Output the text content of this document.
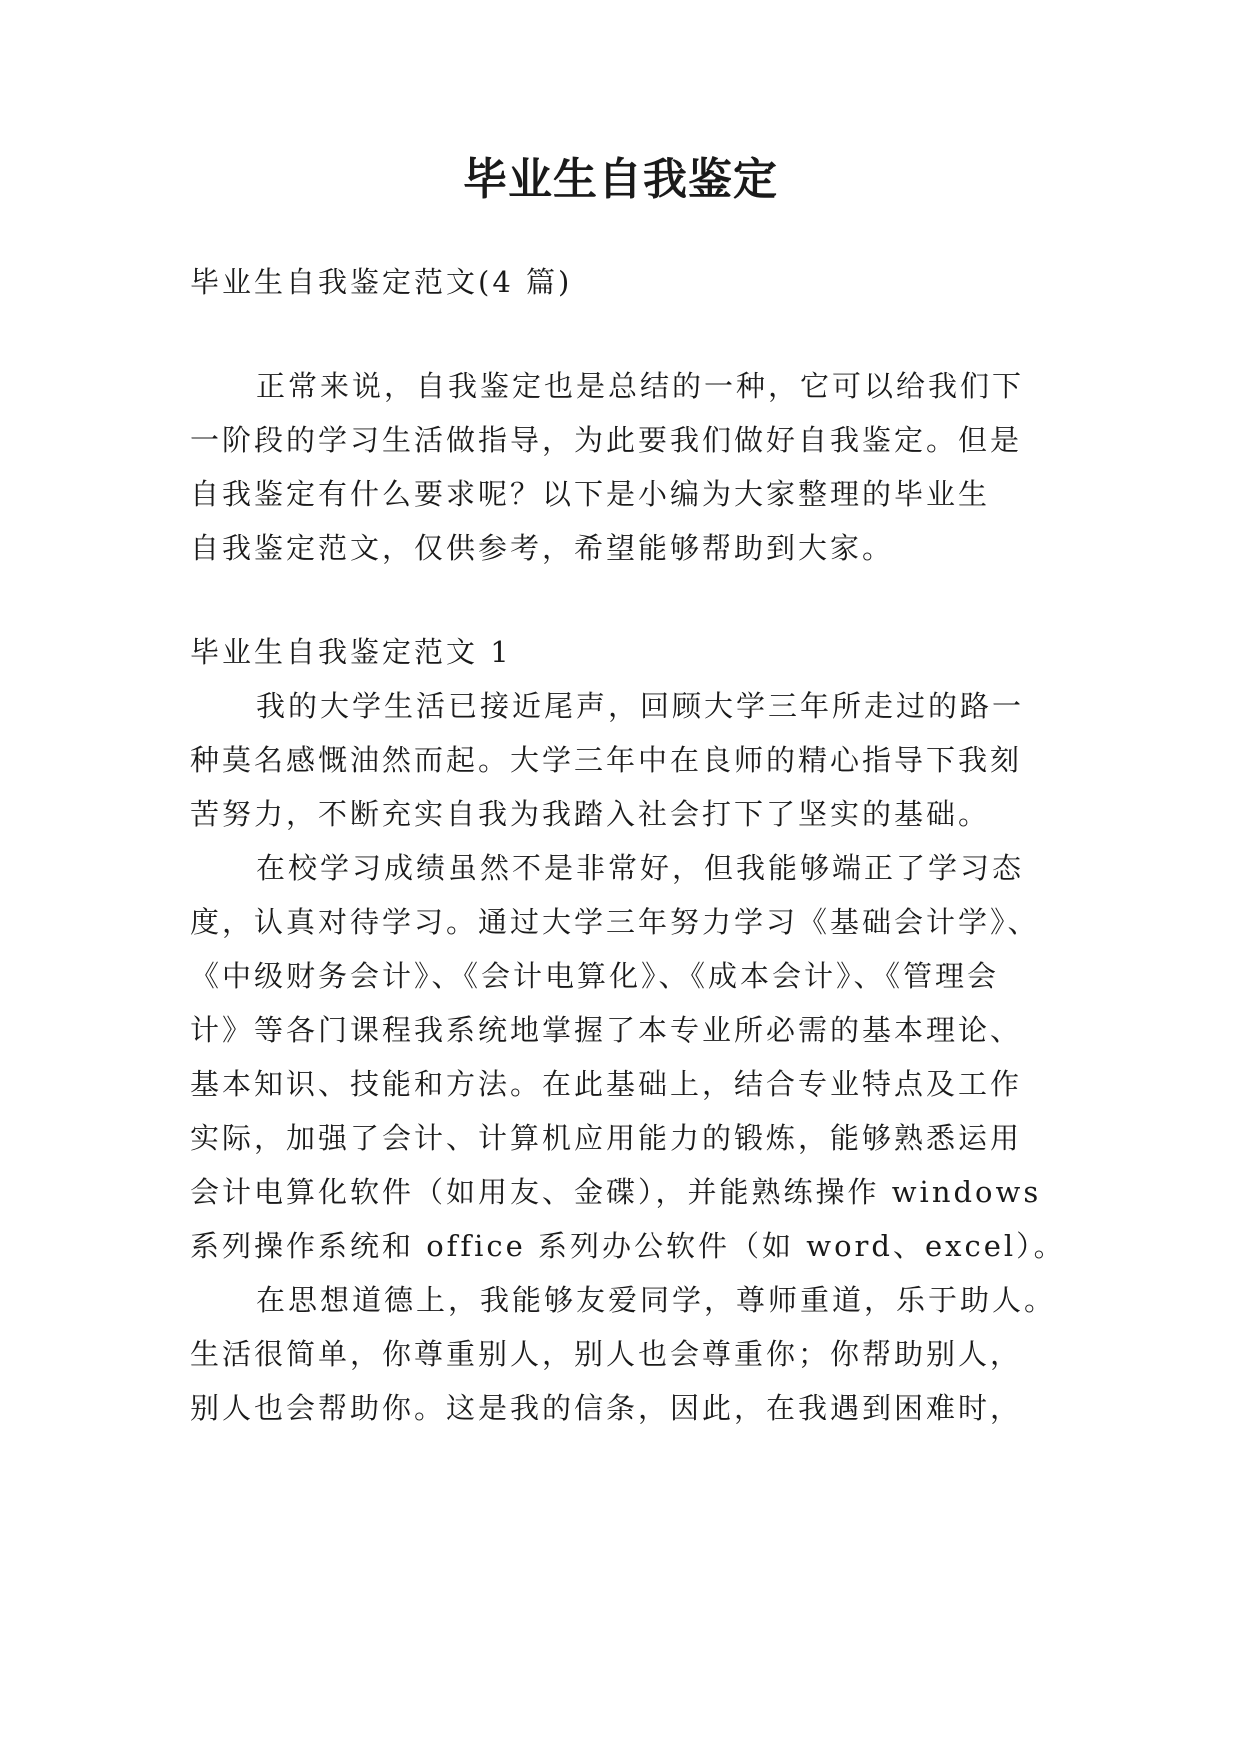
毕业生自我鉴定
毕业生自我鉴定范文(4 篇)
正常来说，自我鉴定也是总结的一种，它可以给我们下
一阶段的学习生活做指导，为此要我们做好自我鉴定。但是
自我鉴定有什么要求呢？以下是小编为大家整理的毕业生
自我鉴定范文，仅供参考，希望能够帮助到大家。
毕业生自我鉴定范文 1
我的大学生活已接近尾声，回顾大学三年所走过的路一
种莫名感慨油然而起。大学三年中在良师的精心指导下我刻
苦努力，不断充实自我为我踏入社会打下了坚实的基础。
在校学习成绩虽然不是非常好，但我能够端正了学习态
度，认真对待学习。通过大学三年努力学习《基础会计学》、
《中级财务会计》、《会计电算化》、《成本会计》、《管理会
计》等各门课程我系统地掌握了本专业所必需的基本理论、
基本知识、技能和方法。在此基础上，结合专业特点及工作
实际，加强了会计、计算机应用能力的锻炼，能够熟悉运用
会计电算化软件（如用友、金碟），并能熟练操作 windows
系列操作系统和 office 系列办公软件（如 word、excel）。
在思想道德上，我能够友爱同学，尊师重道，乐于助人。
生活很简单，你尊重别人，别人也会尊重你；你帮助别人，
别人也会帮助你。这是我的信条，因此，在我遇到困难时，
